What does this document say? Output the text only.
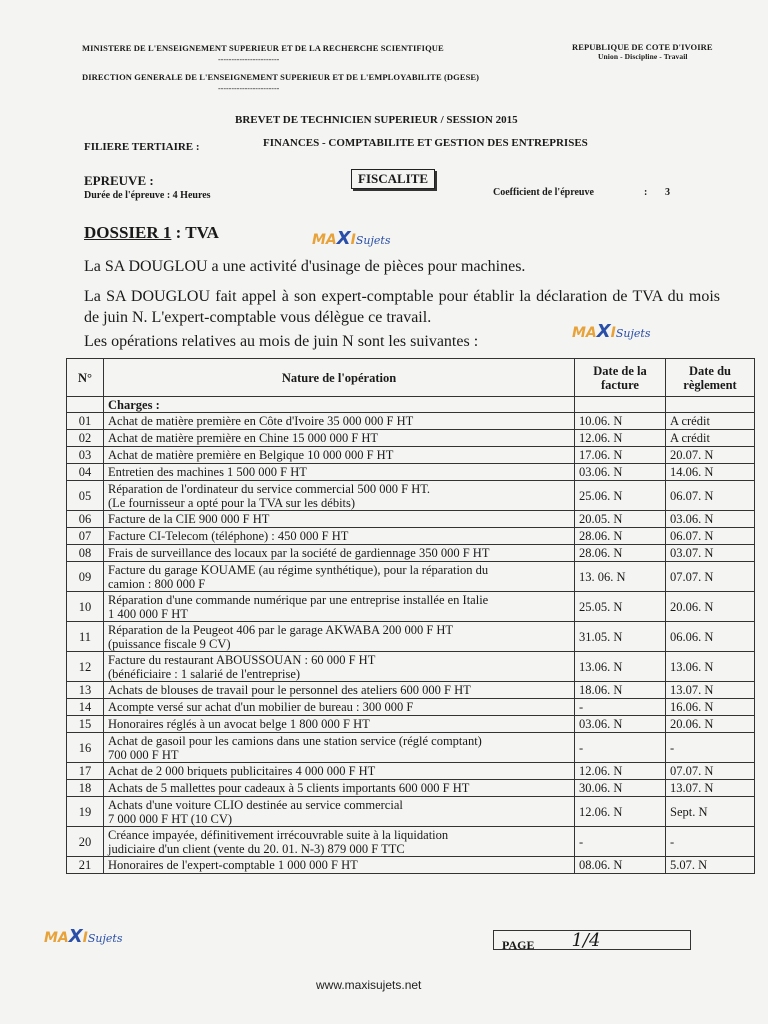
MINISTERE DE L'ENSEIGNEMENT SUPERIEUR ET DE LA RECHERCHE SCIENTIFIQUE
-----------------------
DIRECTION GENERALE DE L'ENSEIGNEMENT SUPERIEUR ET DE L'EMPLOYABILITE (DGESE)
-----------------------
REPUBLIQUE DE COTE D'IVOIRE
Union - Discipline - Travail
BREVET DE TECHNICIEN SUPERIEUR / SESSION 2015
FILIERE TERTIAIRE :	FINANCES - COMPTABILITE ET GESTION DES ENTREPRISES
EPREUVE :	FISCALITE
Durée de l'épreuve : 4 Heures	Coefficient de l'épreuve	: 3
DOSSIER 1 : TVA	MAXISujets
La SA DOUGLOU a une activité d'usinage de pièces pour machines.
La SA DOUGLOU fait appel à son expert-comptable pour établir la déclaration de TVA du mois de juin N. L'expert-comptable vous délègue ce travail.
Les opérations relatives au mois de juin N sont les suivantes :	MAXISujets
N°	Nature de l'opération	Date de la facture	Date du règlement
	Charges :		
01	Achat de matière première en Côte d'Ivoire 35 000 000 F HT	10.06. N	A crédit
02	Achat de matière première en Chine 15 000 000 F HT	12.06. N	A crédit
03	Achat de matière première en Belgique 10 000 000 F HT	17.06. N	20.07. N
04	Entretien des machines 1 500 000 F HT	03.06. N	14.06. N
05	Réparation de l'ordinateur du service commercial 500 000 F HT.
(Le fournisseur a opté pour la TVA sur les débits)	25.06. N	06.07. N
06	Facture de la CIE 900 000 F HT	20.05. N	03.06. N
07	Facture CI-Telecom (téléphone) : 450 000 F HT	28.06. N	06.07. N
08	Frais de surveillance des locaux par la société de gardiennage 350 000 F HT	28.06. N	03.07. N
09	Facture du garage KOUAME (au régime synthétique), pour la réparation du
camion : 800 000 F	13. 06. N	07.07. N
10	Réparation d'une commande numérique par une entreprise installée en Italie
1 400 000 F HT	25.05. N	20.06. N
11	Réparation de la Peugeot 406 par le garage AKWABA 200 000 F HT
(puissance fiscale 9 CV)	31.05. N	06.06. N
12	Facture du restaurant ABOUSSOUAN : 60 000 F HT
(bénéficiaire : 1 salarié de l'entreprise)	13.06. N	13.06. N
13	Achats de blouses de travail pour le personnel des ateliers 600 000 F HT	18.06. N	13.07. N
14	Acompte versé sur achat d'un mobilier de bureau : 300 000 F	-	16.06. N
15	Honoraires réglés à un avocat belge 1 800 000 F HT	03.06. N	20.06. N
16	Achat de gasoil pour les camions dans une station service (réglé comptant)
700 000 F HT	-	-
17	Achat de 2 000 briquets publicitaires 4 000 000 F HT	12.06. N	07.07. N
18	Achats de 5 mallettes pour cadeaux à 5 clients importants 600 000 F HT	30.06. N	13.07. N
19	Achats d'une voiture CLIO destinée au service commercial
7 000 000 F HT (10 CV)	12.06. N	Sept. N
20	Créance impayée, définitivement irrécouvrable suite à la liquidation
judiciaire d'un client (vente du 20. 01. N-3) 879 000 F TTC	-	-
21	Honoraires de l'expert-comptable 1 000 000 F HT	08.06. N	5.07. N
MAXISujets	PAGE 1/4
www.maxisujets.net
